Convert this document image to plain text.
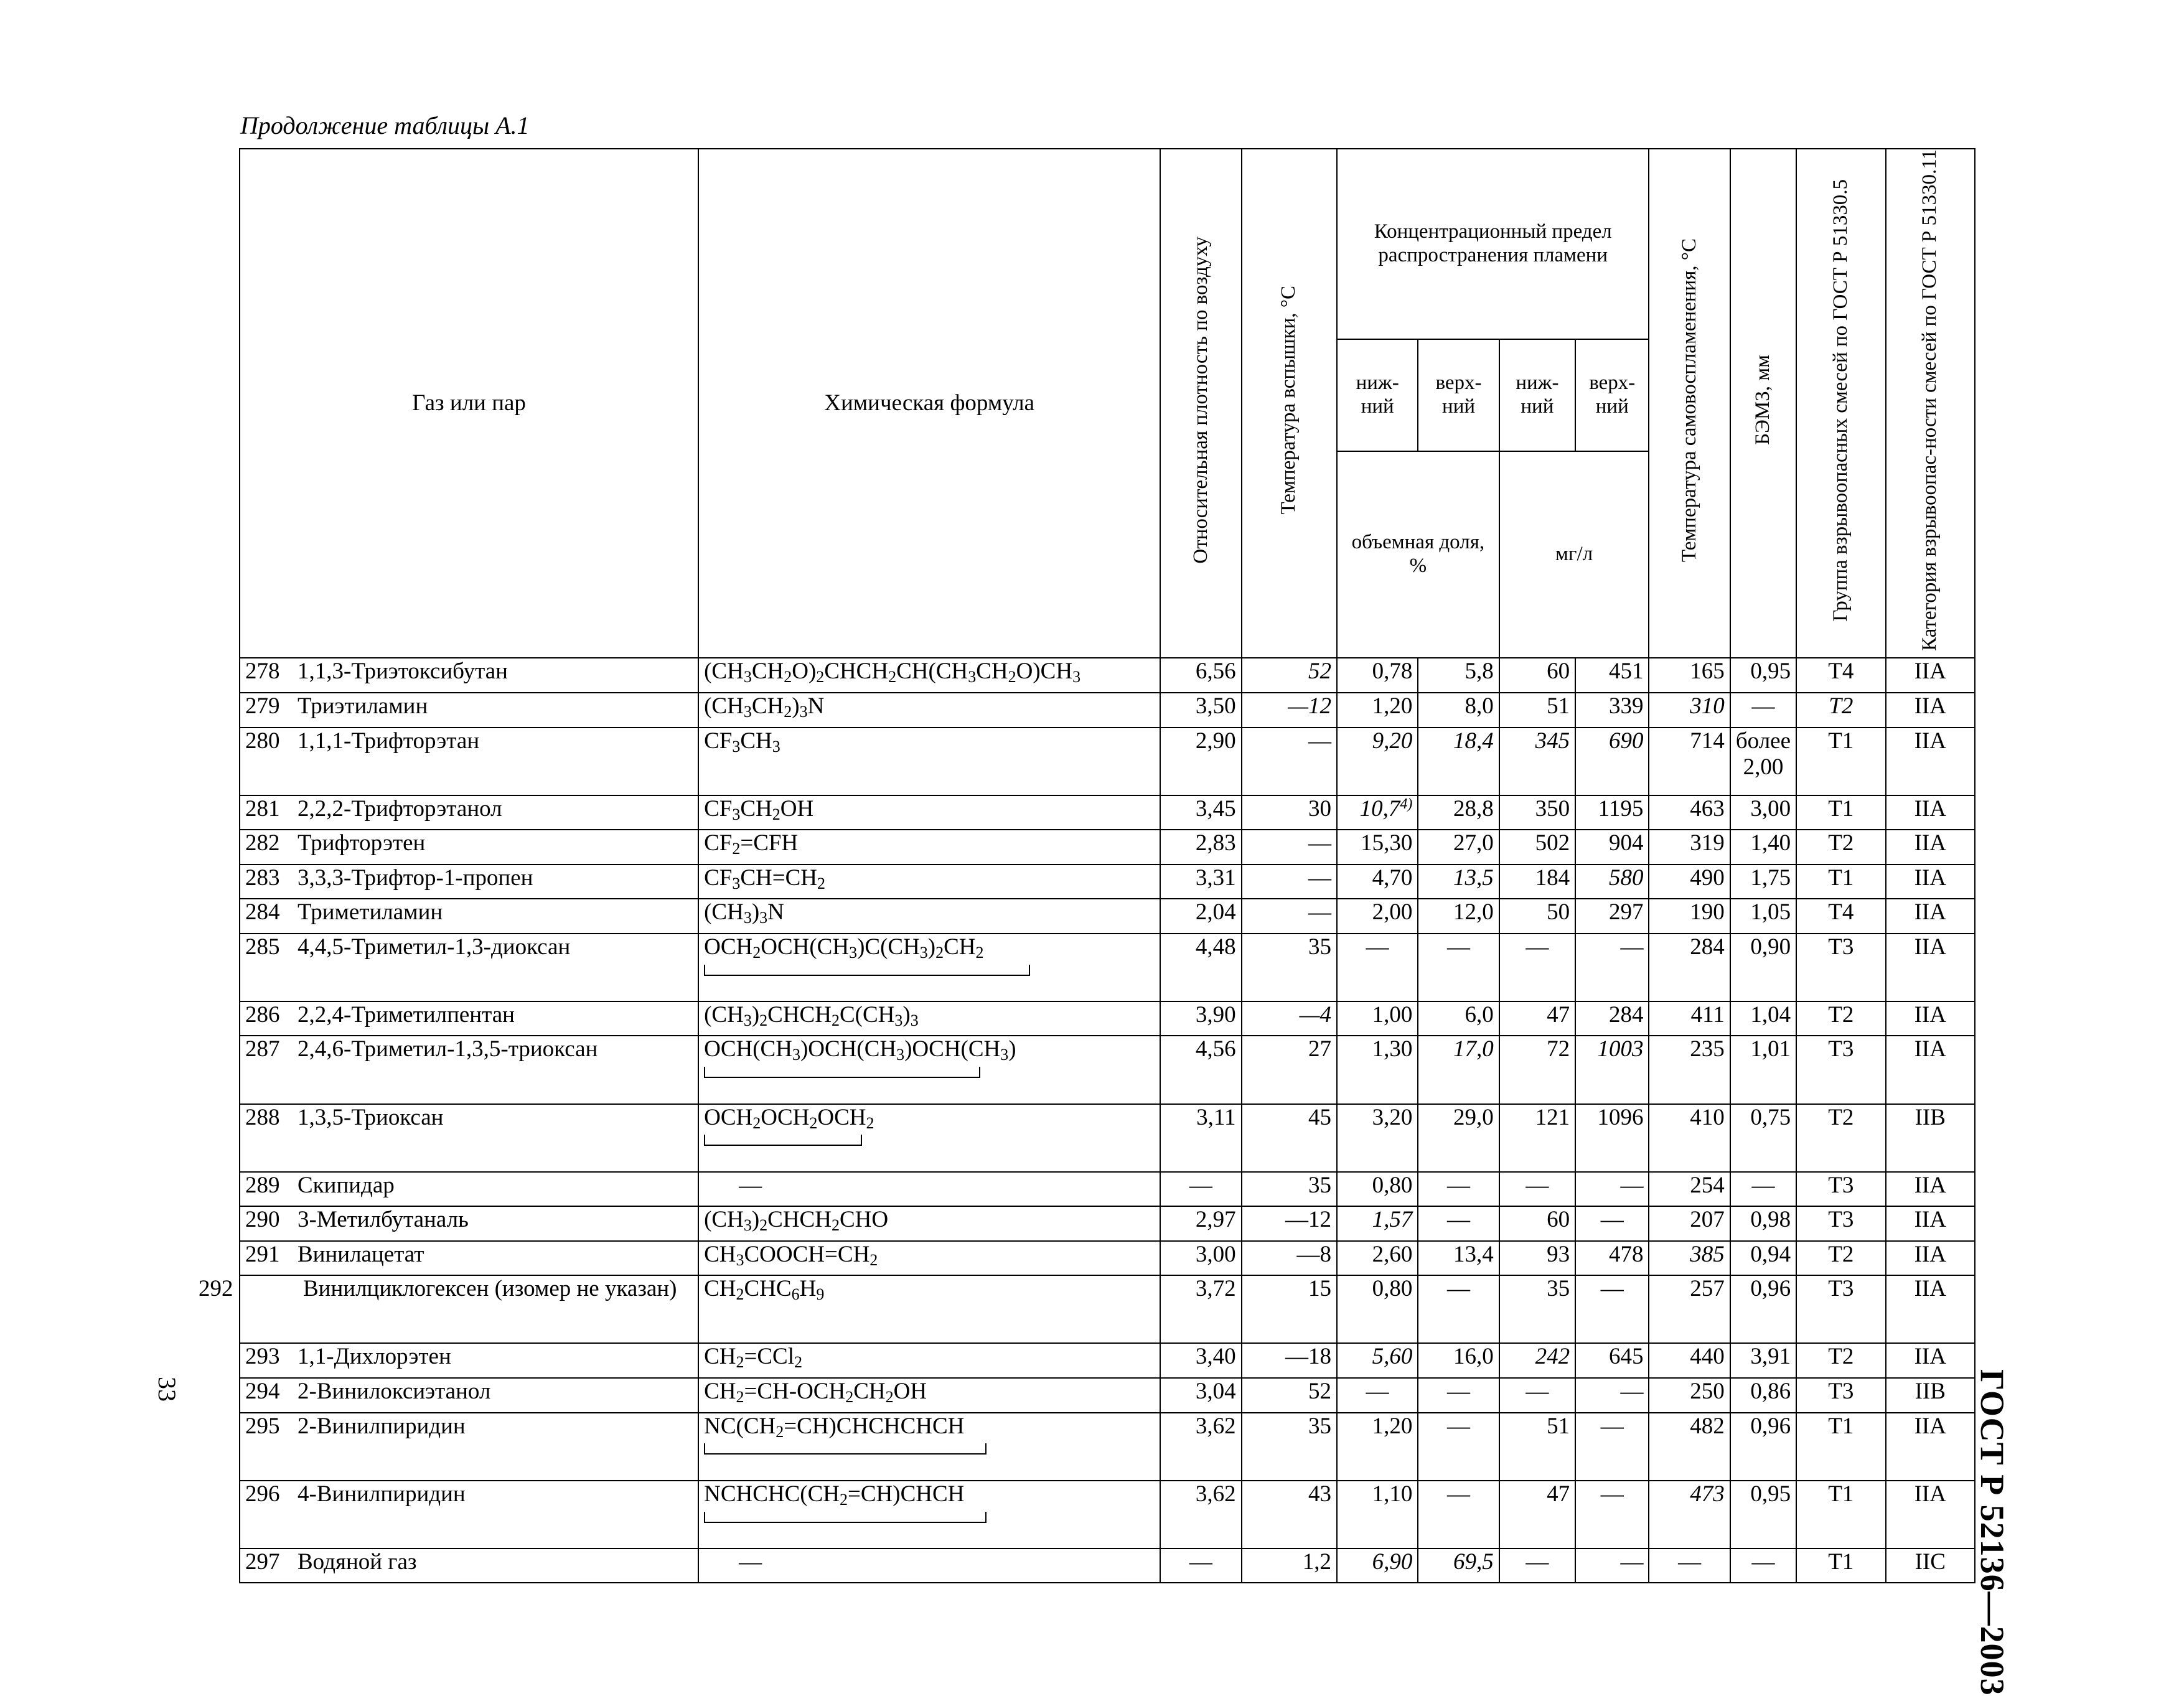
Продолжение таблицы А.1
ГОСТ Р 52136—2003
33
Газ или пар	Химическая формула	Относительная плотность по воздуху	Температура вспышки, °С	Концентрационный предел распространения пламени				Температура самовоспламенения, °С	БЭМЗ, мм	Группа взрывоопасных смесей по ГОСТ Р 51330.5	Категория взрывоопас-ности смесей по ГОСТ Р 51330.11
				ниж-ний	верх-ний	ниж-ний	верх-ний				
				объемная доля, %		мг/л					
278 1,1,3-Триэтоксибутан	$(CH_3CH_2O)_2CHCH_2CH(CH_3CH_2O)CH_3$	6,56	52	0,78	5,8	60	451	165	0,95	Т4	IIА
279 Триэтиламин	$(CH_3CH_2)_3N$	3,50	—12	1,20	8,0	51	339	310	—	Т2	IIА
280 1,1,1-Трифторэтан	$CF_3CH_3$	2,90	—	9,20	18,4	345	690	714	более 2,00	Т1	IIА
281 2,2,2-Трифторэтанол	$CF_3CH_2OH$	3,45	30	10,7$^{4)}$	28,8	350	1195	463	3,00	Т1	IIА
282 Трифторэтен	$CF_2=CFH$	2,83	—	15,30	27,0	502	904	319	1,40	Т2	IIА
283 3,3,3-Трифтор-1-пропен	$CF_3CH=CH_2$	3,31	—	4,70	13,5	184	580	490	1,75	Т1	IIА
284 Триметиламин	$(CH_3)_3N$	2,04	—	2,00	12,0	50	297	190	1,05	Т4	IIА
285 4,4,5-Триметил-1,3-диоксан	$OCH_2OCH(CH_3)C(CH_3)_2CH_2$	4,48	35	—	—	—	—	284	0,90	Т3	IIА
286 2,2,4-Триметилпентан	$(CH_3)_2CHCH_2C(CH_3)_3$	3,90	—4	1,00	6,0	47	284	411	1,04	Т2	IIА
287 2,4,6-Триметил-1,3,5-триоксан	$OCH(CH_3)OCH(CH_3)OCH(CH_3)$	4,56	27	1,30	17,0	72	1003	235	1,01	Т3	IIА
288 1,3,5-Триоксан	$OCH_2OCH_2OCH_2$	3,11	45	3,20	29,0	121	1096	410	0,75	Т2	IIВ
289 Скипидар	—	—	35	0,80	—	—	—	254	—	Т3	IIА
290 3-Метилбутаналь	$(CH_3)_2CHCH_2CHO$	2,97	—12	1,57	—	60	—	207	0,98	Т3	IIА
291 Винилацетат	$CH_3COOCH=CH_2$	3,00	—8	2,60	13,4	93	478	385	0,94	Т2	IIА
292 Винилциклогексен (изомер не указан)	$CH_2CHC_6H_9$	3,72	15	0,80	—	35	—	257	0,96	Т3	IIА
293 1,1-Дихлорэтен	$CH_2=CCl_2$	3,40	—18	5,60	16,0	242	645	440	3,91	Т2	IIА
294 2-Винилоксиэтанол	$CH_2=CH-OCH_2CH_2OH$	3,04	52	—	—	—	—	250	0,86	Т3	IIВ
295 2-Винилпиридин	$NC(CH_2=CH)CHCHCHCH$	3,62	35	1,20	—	51	—	482	0,96	Т1	IIА
296 4-Винилпиридин	$NCHCHC(CH_2=CH)CHCH$	3,62	43	1,10	—	47	—	473	0,95	Т1	IIА
297 Водяной газ	—	—	1,2	6,90	69,5	—	—	—	—	Т1	IIС
